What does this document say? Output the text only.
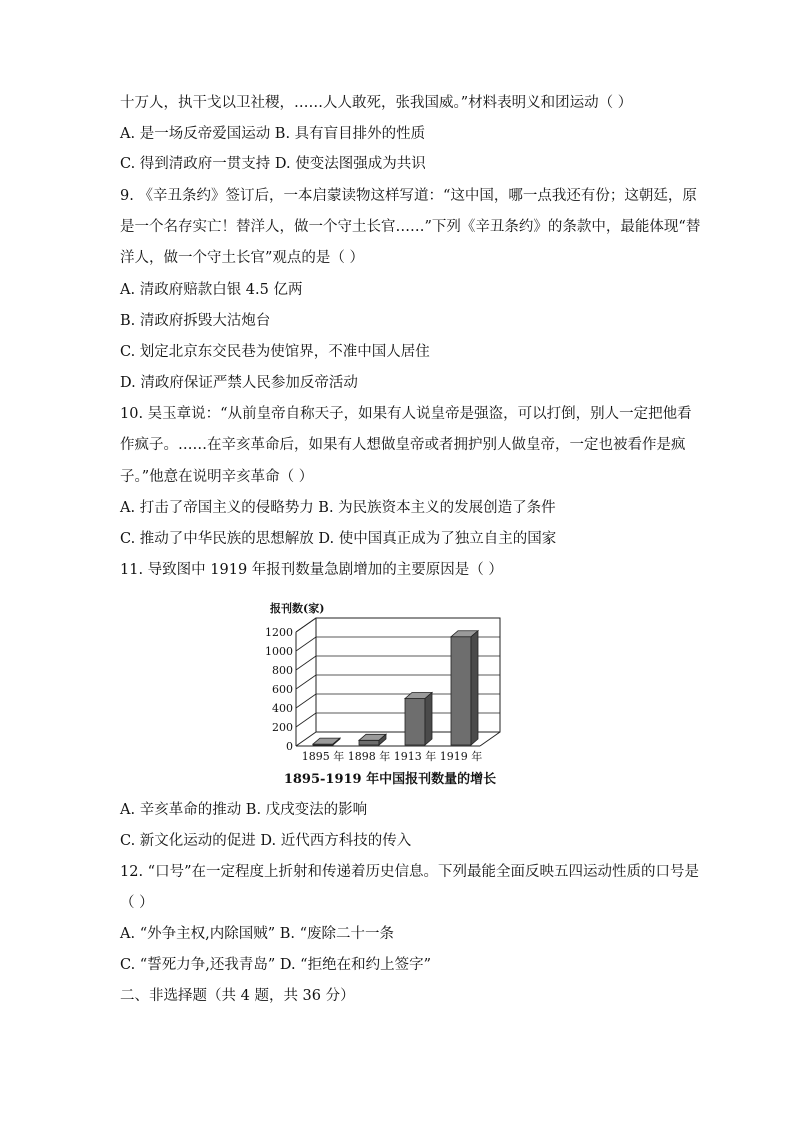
十万人，执干戈以卫社稷，……人人敢死，张我国威。”材料表明义和团运动（ ）
A. 是一场反帝爱国运动 B. 具有盲目排外的性质
C. 得到清政府一贯支持 D. 使变法图强成为共识
9. 《辛丑条约》签订后，一本启蒙读物这样写道：“这中国，哪一点我还有份；这朝廷，原
是一个名存实亡！替洋人，做一个守土长官……”下列《辛丑条约》的条款中，最能体现“替
洋人，做一个守土长官”观点的是（ ）
A. 清政府赔款白银 4.5 亿两
B. 清政府拆毁大沽炮台
C. 划定北京东交民巷为使馆界，不准中国人居住
D. 清政府保证严禁人民参加反帝活动
10. 吴玉章说：“从前皇帝自称天子，如果有人说皇帝是强盗，可以打倒，别人一定把他看
作疯子。……在辛亥革命后，如果有人想做皇帝或者拥护别人做皇帝，一定也被看作是疯
子。”他意在说明辛亥革命（ ）
A. 打击了帝国主义的侵略势力 B. 为民族资本主义的发展创造了条件
C. 推动了中华民族的思想解放 D. 使中国真正成为了独立自主的国家
11. 导致图中 1919 年报刊数量急剧增加的主要原因是（ ）
A. 辛亥革命的推动 B. 戊戌变法的影响
C. 新文化运动的促进 D. 近代西方科技的传入
12. “口号”在一定程度上折射和传递着历史信息。下列最能全面反映五四运动性质的口号是
（ ）
A. “外争主权,内除国贼” B. “废除二十一条
C. “誓死力争,还我青岛” D. “拒绝在和约上签字”
二、非选择题（共 4 题，共 36 分）
0
200
400
600
800
1000
1200
报刊数(家)
1895 年 1898 年 1913 年 1919 年
1895-1919 年中国报刊数量的增长
